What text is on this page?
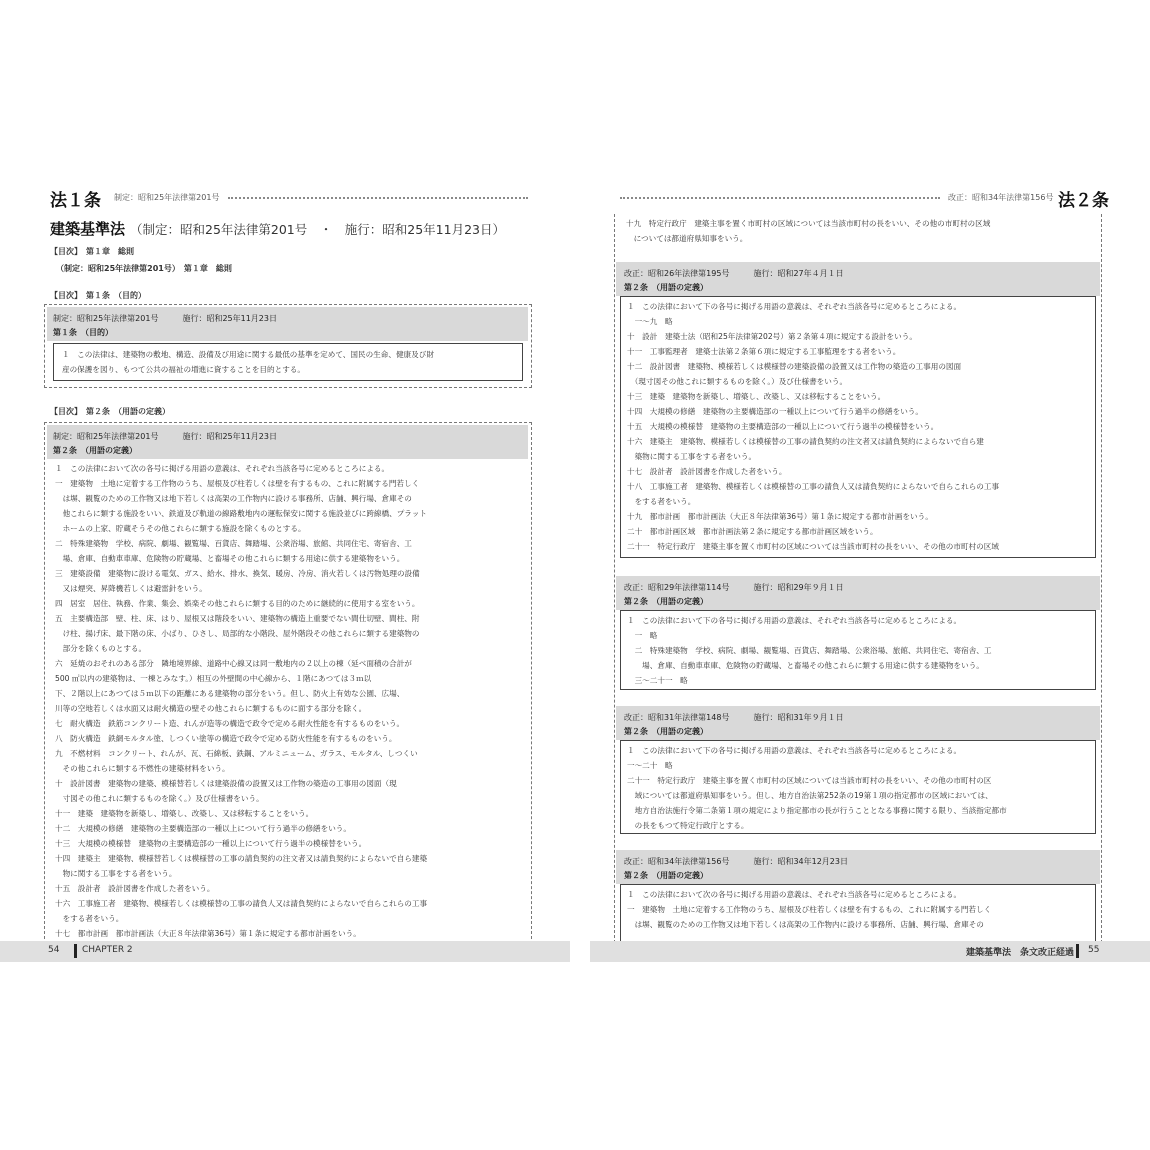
法１条 制定：昭和25年法律第201号
建築基準法 （制定：昭和25年法律第201号　・　施行：昭和25年11月23日）
【目次】　第１章　総則
（制定：昭和25年法律第201号）　第１章　総則
【目次】　第１条　（目的）
制定：昭和25年法律第201号　　　施行：昭和25年11月23日
第１条　（目的）
１　この法律は、建築物の敷地、構造、設備及び用途に関する最低の基準を定めて、国民の生命、健康及び財
産の保護を図り、もつて公共の福祉の増進に資することを目的とする。
【目次】　第２条　（用語の定義）
制定：昭和25年法律第201号　　　施行：昭和25年11月23日
第２条　（用語の定義）
１　この法律において次の各号に掲げる用語の意義は、それぞれ当該各号に定めるところによる。
一　建築物　土地に定着する工作物のうち、屋根及び柱若しくは壁を有するもの、これに附属する門若しく
　は塀、観覧のための工作物又は地下若しくは高架の工作物内に設ける事務所、店舗、興行場、倉庫その
　他これらに類する施設をいい、鉄道及び軌道の線路敷地内の運転保安に関する施設並びに跨線橋、プラット
　ホームの上家、貯蔵そうその他これらに類する施設を除くものとする。
二　特殊建築物　学校、病院、劇場、観覧場、百貨店、舞踏場、公衆浴場、旅館、共同住宅、寄宿舎、工
　場、倉庫、自動車車庫、危険物の貯蔵場、と畜場その他これらに類する用途に供する建築物をいう。
三　建築設備　建築物に設ける電気、ガス、給水、排水、換気、暖房、冷房、消火若しくは汚物処理の設備
　又は煙突、昇降機若しくは避雷針をいう。
四　居室　居住、執務、作業、集会、娯楽その他これらに類する目的のために継続的に使用する室をいう。
五　主要構造部　壁、柱、床、はり、屋根又は階段をいい、建築物の構造上重要でない間仕切壁、間柱、附
　け柱、揚げ床、最下階の床、小ばり、ひさし、局部的な小階段、屋外階段その他これらに類する建築物の
　部分を除くものとする。
六　延焼のおそれのある部分　隣地境界線、道路中心線又は同一敷地内の２以上の棟（延べ面積の合計が
500 ㎡以内の建築物は、一棟とみなす。）相互の外壁間の中心線から、１階にあつては３ｍ以
下、２階以上にあつては５ｍ以下の距離にある建築物の部分をいう。但し、防火上有効な公園、広場、
川等の空地若しくは水面又は耐火構造の壁その他これらに類するものに面する部分を除く。
七　耐火構造　鉄筋コンクリート造、れんが造等の構造で政令で定める耐火性能を有するものをいう。
八　防火構造　鉄網モルタル塗、しつくい塗等の構造で政令で定める防火性能を有するものをいう。
九　不燃材料　コンクリート、れんが、瓦、石綿板、鉄鋼、アルミニューム、ガラス、モルタル、しつくい
　その他これらに類する不燃性の建築材料をいう。
十　設計図書　建築物の建築、模様替若しくは建築設備の設置又は工作物の築造の工事用の図面（現
　寸図その他これに類するものを除く。）及び仕様書をいう。
十一　建築　建築物を新築し、増築し、改築し、又は移転することをいう。
十二　大規模の修繕　建築物の主要構造部の一種以上について行う過半の修繕をいう。
十三　大規模の模様替　建築物の主要構造部の一種以上について行う過半の模様替をいう。
十四　建築主　建築物、模様替若しくは模様替の工事の請負契約の注文者又は請負契約によらないで自ら建築
　物に関する工事をする者をいう。
十五　設計者　設計図書を作成した者をいう。
十六　工事施工者　建築物、模様若しくは模様替の工事の請負人又は請負契約によらないで自らこれらの工事
　をする者をいう。
十七　都市計画　都市計画法（大正８年法律第36号）第１条に規定する都市計画をいう。
改正：昭和34年法律第156号 法２条
十九　特定行政庁　建築主事を置く市町村の区域については当該市町村の長をいい、その他の市町村の区域
　については都道府県知事をいう。
改正：昭和26年法律第195号　　　施行：昭和27年４月１日
第２条　（用語の定義）
１　この法律において下の各号に掲げる用語の意義は、それぞれ当該各号に定めるところによる。
　一～九　略
十　設計　建築士法（昭和25年法律第202号）第２条第４項に規定する設計をいう。
十一　工事監理者　建築士法第２条第６項に規定する工事監理をする者をいう。
十二　設計図書　建築物、模様若しくは模様替の建築設備の設置又は工作物の築造の工事用の図面
　（現寸図その他これに類するものを除く。）及び仕様書をいう。
十三　建築　建築物を新築し、増築し、改築し、又は移転することをいう。
十四　大規模の修繕　建築物の主要構造部の一種以上について行う過半の修繕をいう。
十五　大規模の模様替　建築物の主要構造部の一種以上について行う過半の模様替をいう。
十六　建築主　建築物、模様若しくは模様替の工事の請負契約の注文者又は請負契約によらないで自ら建
　築物に関する工事をする者をいう。
十七　設計者　設計図書を作成した者をいう。
十八　工事施工者　建築物、模様若しくは模様替の工事の請負人又は請負契約によらないで自らこれらの工事
　をする者をいう。
十九　都市計画　都市計画法（大正８年法律第36号）第１条に規定する都市計画をいう。
二十　都市計画区域　都市計画法第２条に規定する都市計画区域をいう。
二十一　特定行政庁　建築主事を置く市町村の区域については当該市町村の長をいい、その他の市町村の区域
改正：昭和29年法律第114号　　　施行：昭和29年９月１日
第２条　（用語の定義）
１　この法律において下の各号に掲げる用語の意義は、それぞれ当該各号に定めるところによる。
　一　略
　二　特殊建築物　学校、病院、劇場、観覧場、百貨店、舞踏場、公衆浴場、旅館、共同住宅、寄宿舎、工
　　場、倉庫、自動車車庫、危険物の貯蔵場、と畜場その他これらに類する用途に供する建築物をいう。
　三～二十一　略
改正：昭和31年法律第148号　　　施行：昭和31年９月１日
第２条　（用語の定義）
１　この法律において下の各号に掲げる用語の意義は、それぞれ当該各号に定めるところによる。
一～二十　略
二十一　特定行政庁　建築主事を置く市町村の区域については当該市町村の長をいい、その他の市町村の区
　域については都道府県知事をいう。但し、地方自治法第252条の19第１項の指定都市の区域においては、
　地方自治法施行令第二条第１項の規定により指定都市の長が行うこととなる事務に関する限り、当該指定都市
　の長をもつて特定行政庁とする。
改正：昭和34年法律第156号　　　施行：昭和34年12月23日
第２条　（用語の定義）
１　この法律において次の各号に掲げる用語の意義は、それぞれ当該各号に定めるところによる。
一　建築物　土地に定着する工作物のうち、屋根及び柱若しくは壁を有するもの、これに附属する門若しく
　は塀、観覧のための工作物又は地下若しくは高架の工作物内に設ける事務所、店舗、興行場、倉庫その
54	CHAPTER 2	建築基準法　条文改正経過 55
